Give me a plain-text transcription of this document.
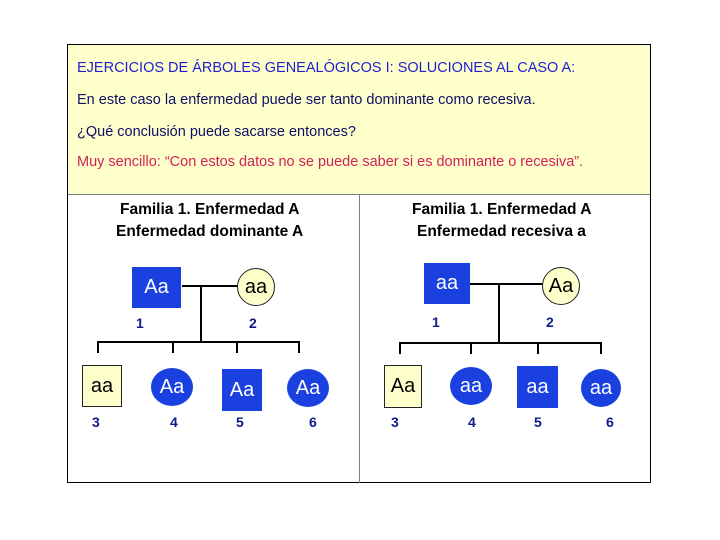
EJERCICIOS DE ÁRBOLES GENEALÓGICOS I: SOLUCIONES AL CASO A:
En este caso la enfermedad puede ser tanto dominante como recesiva.
¿Qué conclusión puede sacarse entonces?
Muy sencillo: “Con estos datos no se puede saber si es dominante o recesiva”.
Familia 1. Enfermedad A
Enfermedad dominante A
Aa	aa
aa	Aa	Aa	Aa
1	2
3	4	5	6
Familia 1. Enfermedad A
Enfermedad recesiva a
aa	Aa
Aa	aa	aa	aa
1	2
3	4	5	6
